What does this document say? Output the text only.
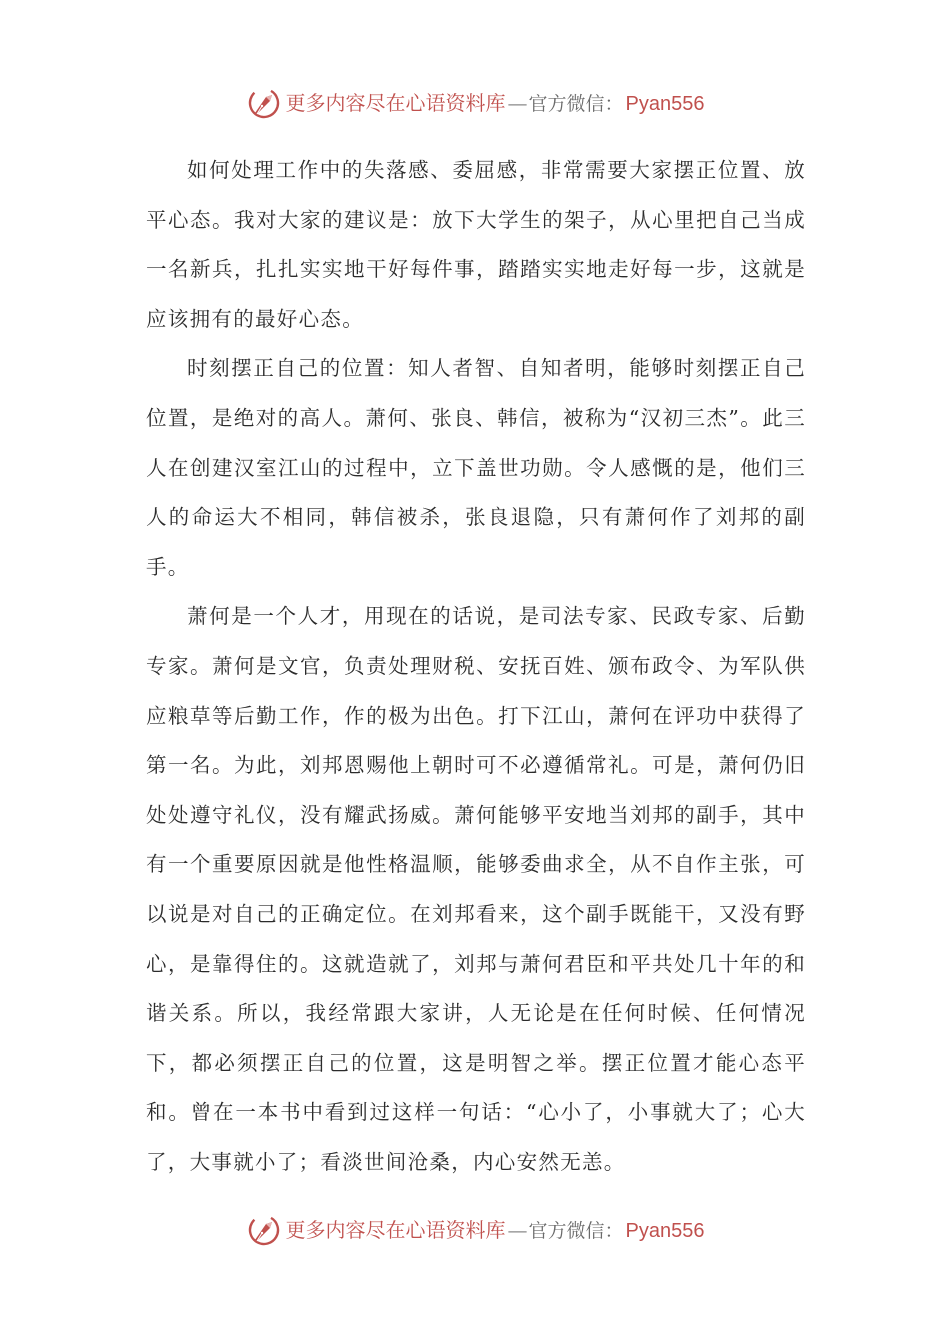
更多内容尽在心语资料库 — 官方微信： Pyan556

如何处理工作中的失落感、委屈感，非常需要大家摆正位置、放平心态。我对大家的建议是：放下大学生的架子，从心里把自己当成一名新兵，扎扎实实地干好每件事，踏踏实实地走好每一步，这就是应该拥有的最好心态。

时刻摆正自己的位置：知人者智、自知者明，能够时刻摆正自己位置，是绝对的高人。萧何、张良、韩信，被称为“汉初三杰”。此三人在创建汉室江山的过程中，立下盖世功勋。令人感慨的是，他们三人的命运大不相同，韩信被杀，张良退隐，只有萧何作了刘邦的副手。

萧何是一个人才，用现在的话说，是司法专家、民政专家、后勤专家。萧何是文官，负责处理财税、安抚百姓、颁布政令、为军队供应粮草等后勤工作，作的极为出色。打下江山，萧何在评功中获得了第一名。为此，刘邦恩赐他上朝时可不必遵循常礼。可是，萧何仍旧处处遵守礼仪，没有耀武扬威。萧何能够平安地当刘邦的副手，其中有一个重要原因就是他性格温顺，能够委曲求全，从不自作主张，可以说是对自己的正确定位。在刘邦看来，这个副手既能干，又没有野心，是靠得住的。这就造就了，刘邦与萧何君臣和平共处几十年的和谐关系。所以，我经常跟大家讲，人无论是在任何时候、任何情况下，都必须摆正自己的位置，这是明智之举。摆正位置才能心态平和。曾在一本书中看到过这样一句话：“心小了，小事就大了；心大了，大事就小了；看淡世间沧桑，内心安然无恙。

更多内容尽在心语资料库 — 官方微信： Pyan556
